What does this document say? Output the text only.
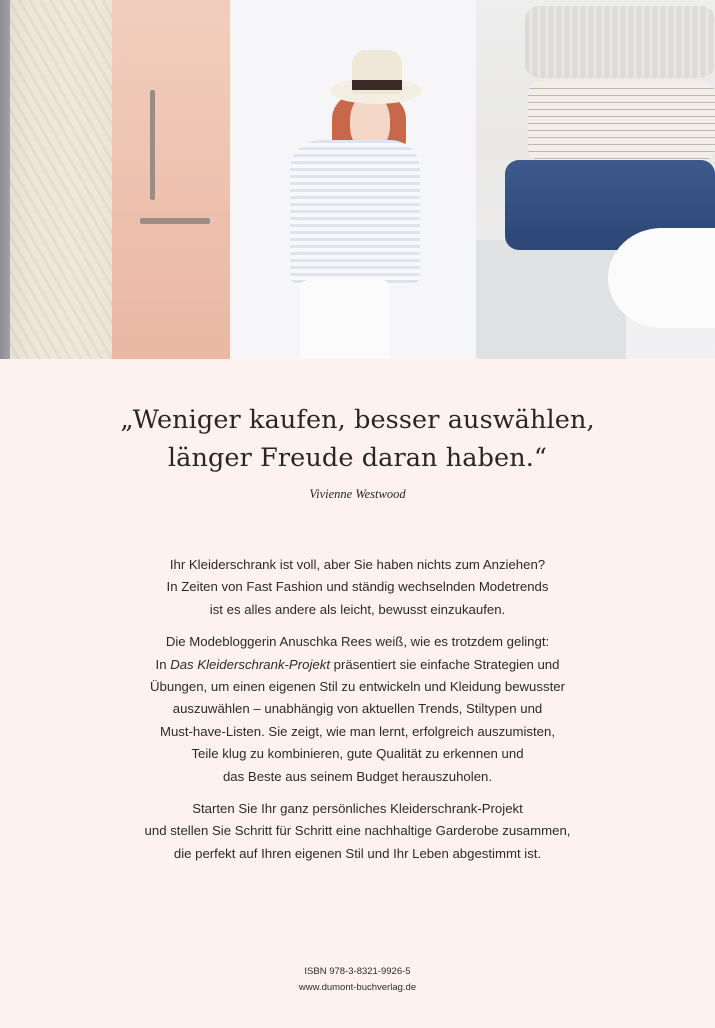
„Weniger kaufen, besser auswählen,
länger Freude daran haben.“
Vivienne Westwood

Ihr Kleiderschrank ist voll, aber Sie haben nichts zum Anziehen?
In Zeiten von Fast Fashion und ständig wechselnden Modetrends
ist es alles andere als leicht, bewusst einzukaufen.

Die Modebloggerin Anuschka Rees weiß, wie es trotzdem gelingt:
In Das Kleiderschrank-Projekt präsentiert sie einfache Strategien und
Übungen, um einen eigenen Stil zu entwickeln und Kleidung bewusster
auszuwählen – unabhängig von aktuellen Trends, Stiltypen und
Must-have-Listen. Sie zeigt, wie man lernt, erfolgreich auszumisten,
Teile klug zu kombinieren, gute Qualität zu erkennen und
das Beste aus seinem Budget herauszuholen.

Starten Sie Ihr ganz persönliches Kleiderschrank-Projekt
und stellen Sie Schritt für Schritt eine nachhaltige Garderobe zusammen,
die perfekt auf Ihren eigenen Stil und Ihr Leben abgestimmt ist.

ISBN 978-3-8321-9926-5
www.dumont-buchverlag.de
